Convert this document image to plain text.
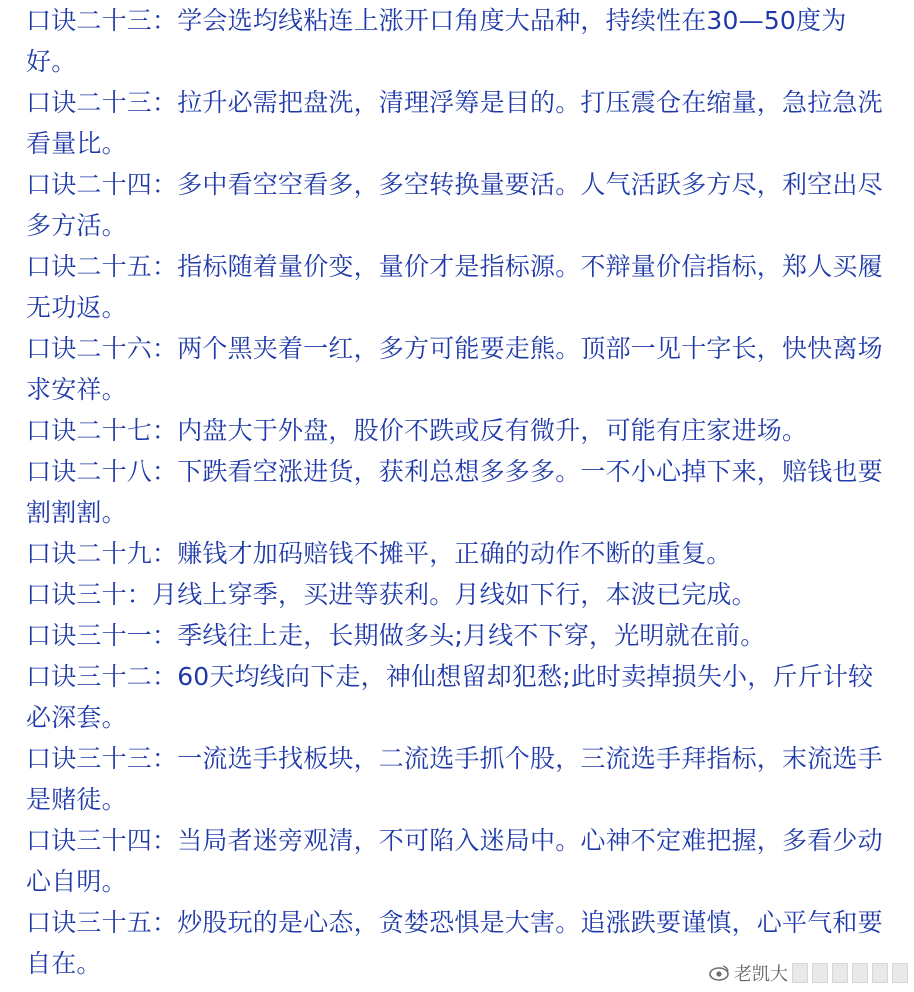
口诀二十三：学会选均线粘连上涨开口角度大品种，持续性在30—50度为好。

口诀二十三：拉升必需把盘洗，清理浮筹是目的。打压震仓在缩量，急拉急洗看量比。

口诀二十四：多中看空空看多，多空转换量要活。人气活跃多方尽，利空出尽多方活。

口诀二十五：指标随着量价变，量价才是指标源。不辩量价信指标，郑人买履无功返。

口诀二十六：两个黑夹着一红，多方可能要走熊。顶部一见十字长，快快离场求安祥。

口诀二十七：内盘大于外盘，股价不跌或反有微升，可能有庄家进场。

口诀二十八：下跌看空涨进货，获利总想多多多。一不小心掉下来，赔钱也要割割割。

口诀二十九：赚钱才加码赔钱不摊平，正确的动作不断的重复。

口诀三十：月线上穿季，买进等获利。月线如下行，本波已完成。

口诀三十一：季线往上走，长期做多头;月线不下穿，光明就在前。

口诀三十二：60天均线向下走，神仙想留却犯愁;此时卖掉损失小，斤斤计较必深套。

口诀三十三：一流选手找板块，二流选手抓个股，三流选手拜指标，末流选手是赌徒。

口诀三十四：当局者迷旁观清，不可陷入迷局中。心神不定难把握，多看少动心自明。

口诀三十五：炒股玩的是心态，贪婪恐惧是大害。追涨跌要谨慎，心平气和要自在。	老凯大
